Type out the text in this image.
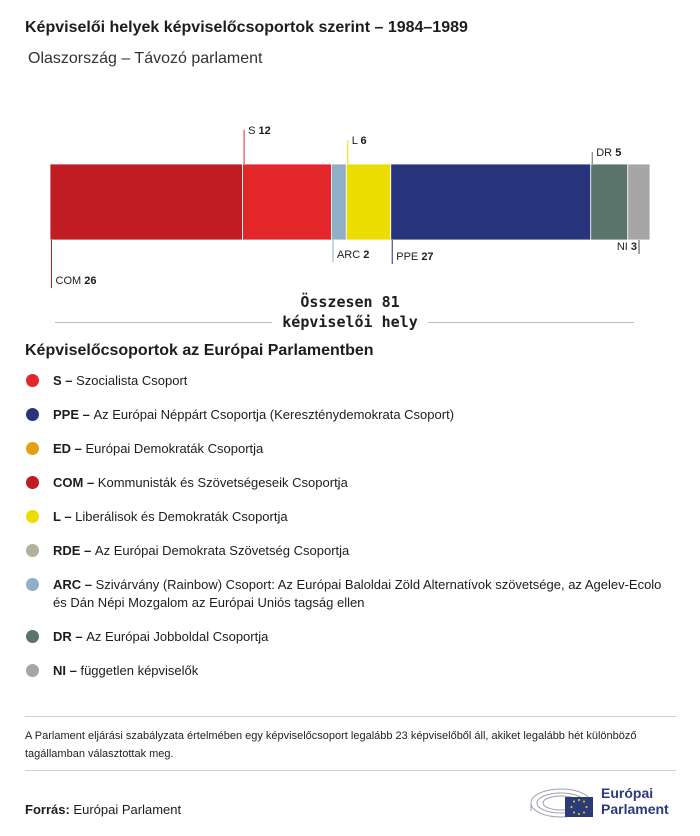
Képviselői helyek képviselőcsoportok szerint – 1984–1989
Olaszország – Távozó parlament
COM 26
S 12
ARC 2
L 6
PPE 27
DR 5
NI 3
Összesen 81 képviselői hely
Képviselőcsoportok az Európai Parlamentben
S – Szocialista Csoport
PPE – Az Európai Néppárt Csoportja (Kereszténydemokrata Csoport)
ED – Európai Demokraták Csoportja
COM – Kommunisták és Szövetségeseik Csoportja
L – Liberálisok és Demokraták Csoportja
RDE – Az Európai Demokrata Szövetség Csoportja
ARC – Szivárvány (Rainbow) Csoport: Az Európai Baloldai Zöld Alternatívok szövetsége, az Agelev-Ecolo és Dán Népi Mozgalom az Európai Uniós tagság ellen
DR – Az Európai Jobboldal Csoportja
NI – független képviselők
A Parlament eljárási szabályzata értelmében egy képviselőcsoport legalább 23 képviselőből áll, akiket legalább hét különböző tagállamban választottak meg.
Forrás: Európai Parlament
Európai
Parlament
